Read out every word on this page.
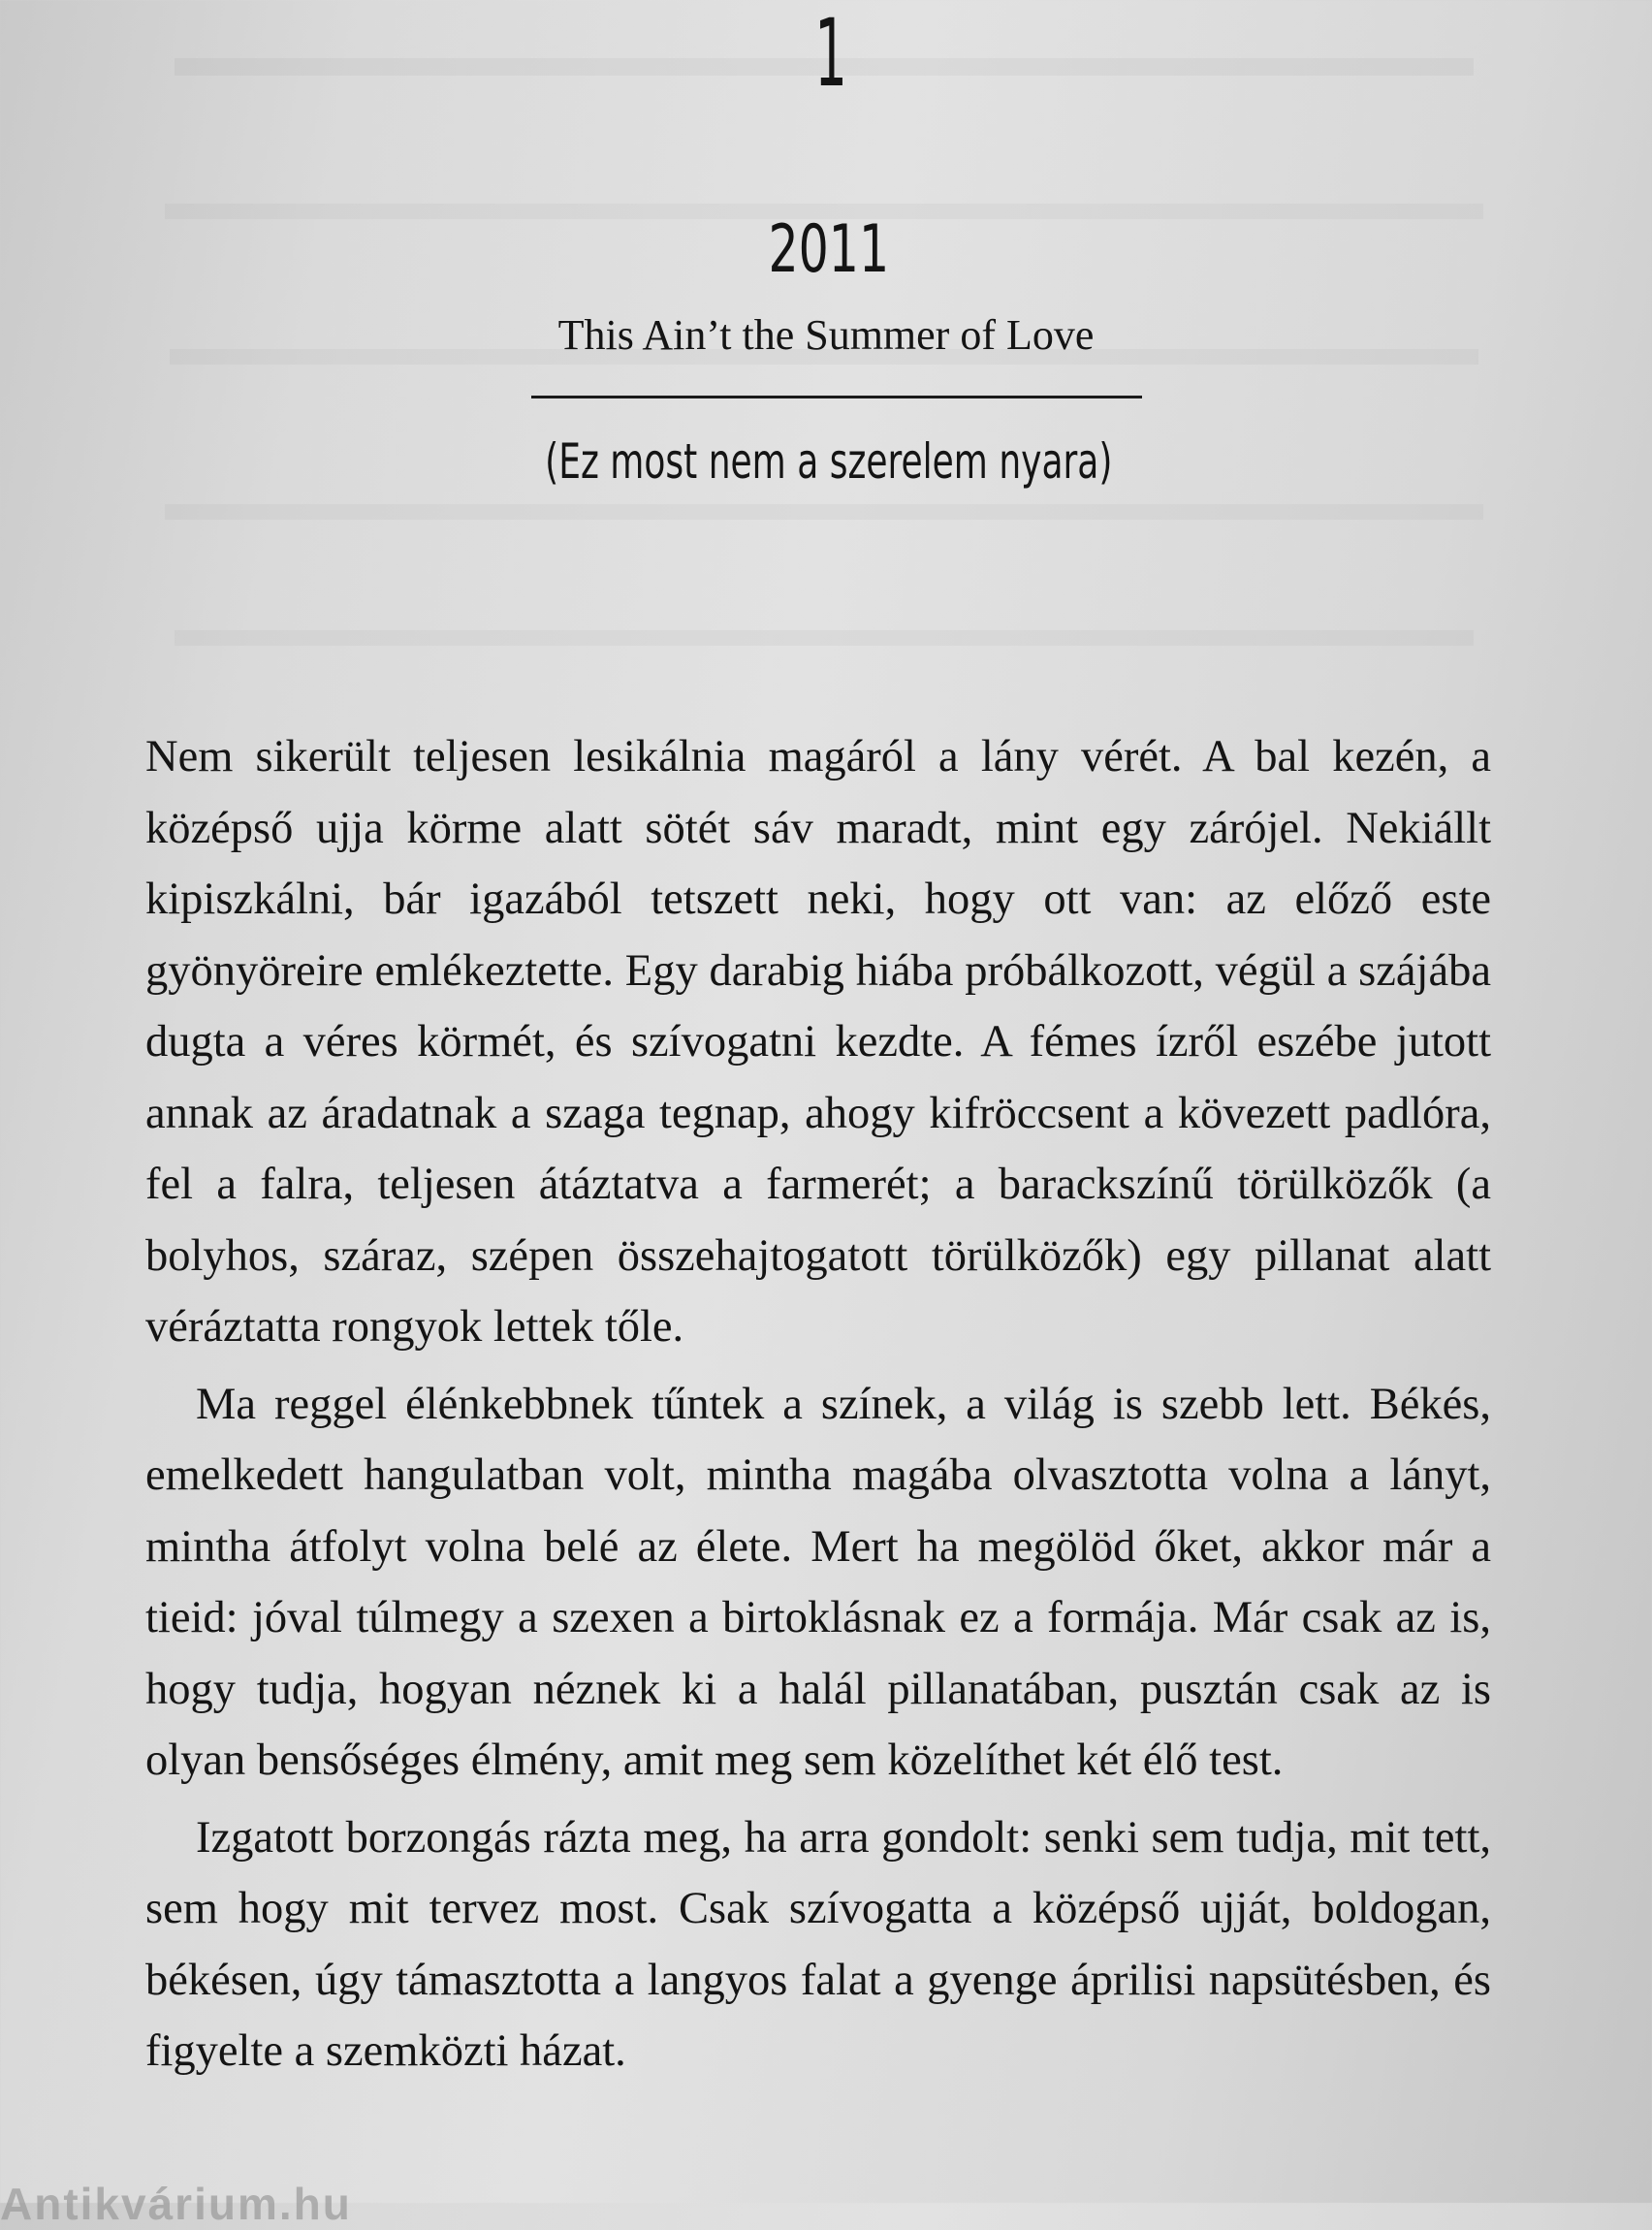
1
2011
This Ain’t the Summer of Love
(Ez most nem a szerelem nyara)

Nem sikerült teljesen lesikálnia magáról a lány vérét. A bal kezén, a középső ujja körme alatt sötét sáv maradt, mint egy zárójel. Nekiállt kipiszkálni, bár igazából tetszett neki, hogy ott van: az előző este gyönyöreire emlékeztette. Egy darabig hiába próbálkozott, végül a szájába dugta a véres körmét, és szívogatni kezdte. A fémes ízről eszébe jutott annak az áradatnak a szaga tegnap, ahogy kifröccsent a kövezett padlóra, fel a falra, teljesen átáztatva a farmerét; a barackszínű törülközők (a bolyhos, száraz, szépen összehajtogatott törülközők) egy pillanat alatt véráztatta rongyok lettek tőle.

Ma reggel élénkebbnek tűntek a színek, a világ is szebb lett. Békés, emelkedett hangulatban volt, mintha magába olvasztotta volna a lányt, mintha átfolyt volna belé az élete. Mert ha megölöd őket, akkor már a tieid: jóval túlmegy a szexen a birtoklásnak ez a formája. Már csak az is, hogy tudja, hogyan néznek ki a halál pillanatában, pusztán csak az is olyan bensőséges élmény, amit meg sem közelíthet két élő test.

Izgatott borzongás rázta meg, ha arra gondolt: senki sem tudja, mit tett, sem hogy mit tervez most. Csak szívogatta a középső ujját, boldogan, békésen, úgy támasztotta a langyos falat a gyenge áprilisi napsütésben, és figyelte a szemközti házat.

Antikvárium.hu
